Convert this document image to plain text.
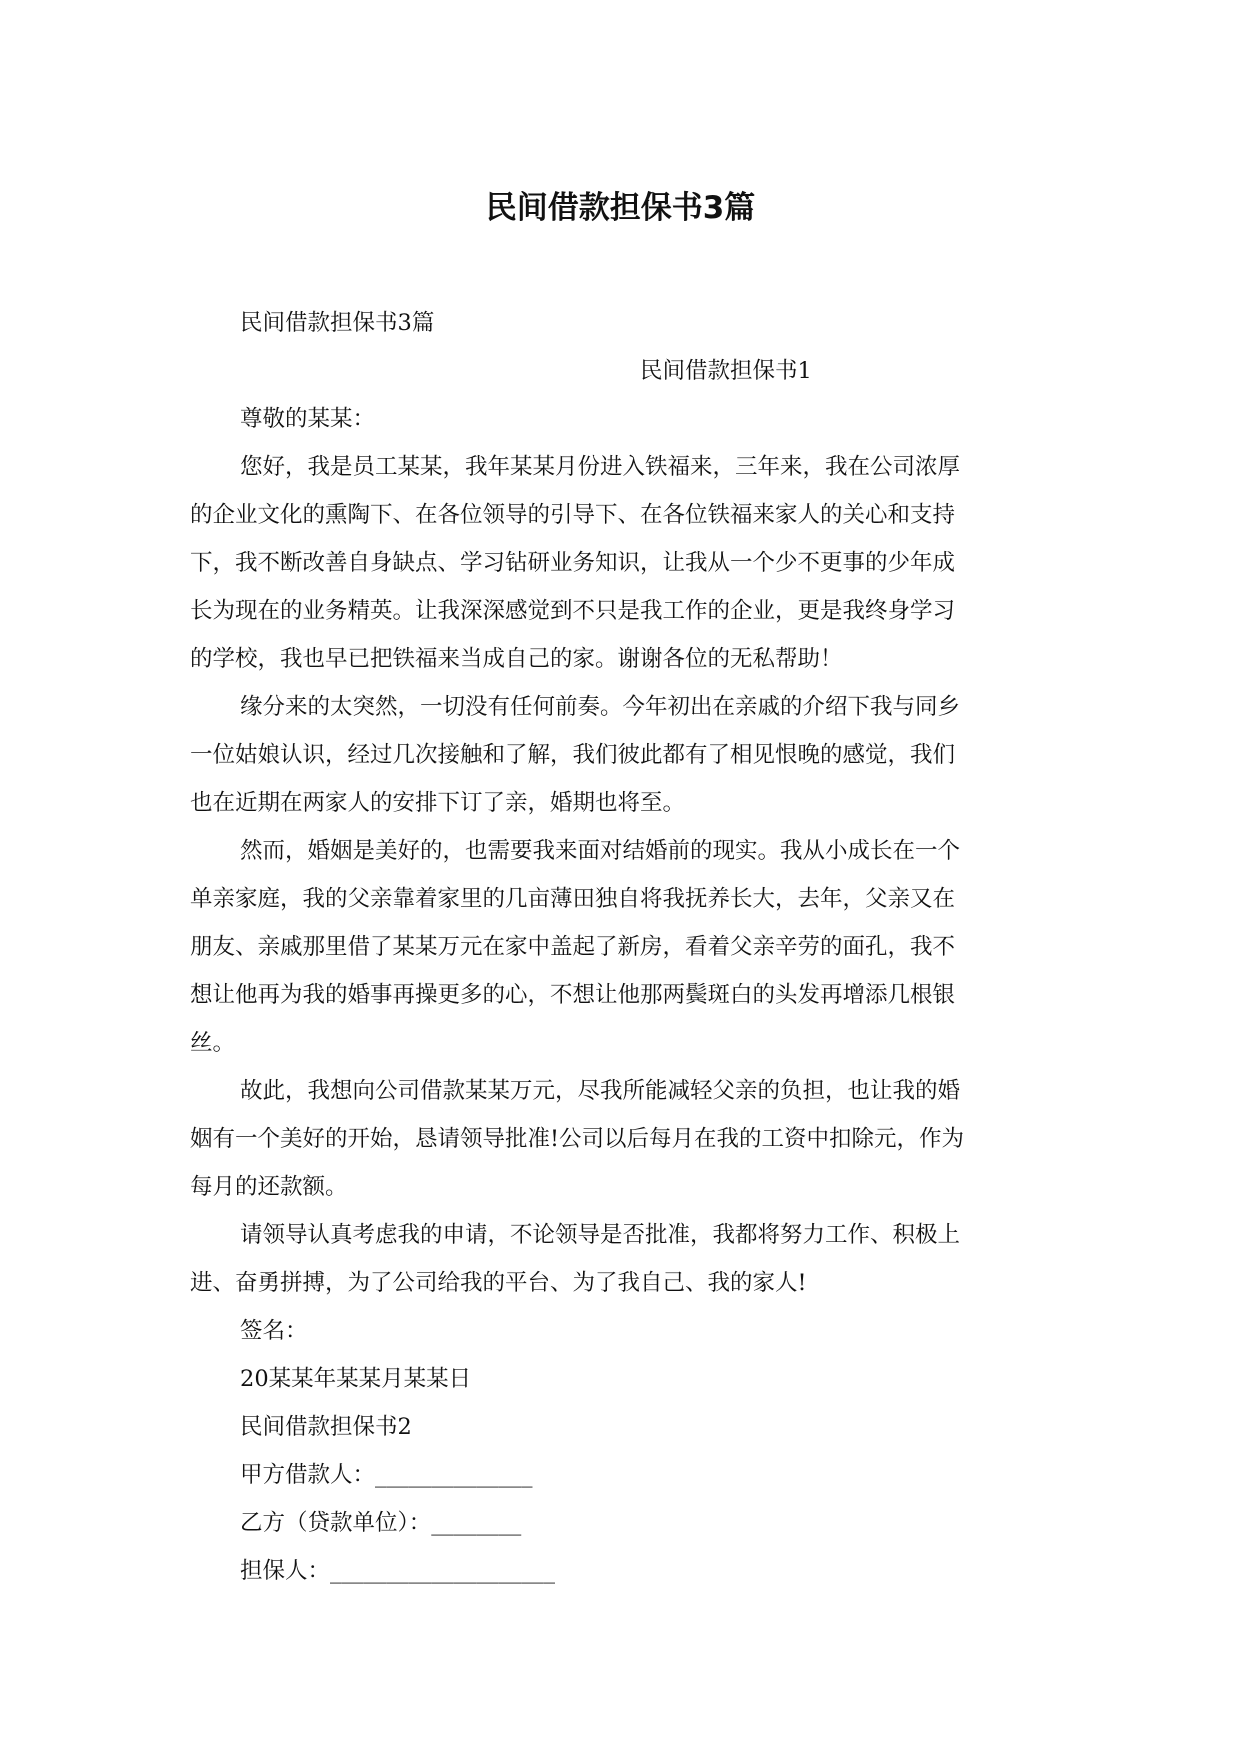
民间借款担保书3篇

民间借款担保书3篇

民间借款担保书1

尊敬的某某：

您好，我是员工某某，我年某某月份进入铁福来，三年来，我在公司浓厚

的企业文化的熏陶下、在各位领导的引导下、在各位铁福来家人的关心和支持

下，我不断改善自身缺点、学习钻研业务知识，让我从一个少不更事的少年成

长为现在的业务精英。让我深深感觉到不只是我工作的企业，更是我终身学习

的学校，我也早已把铁福来当成自己的家。谢谢各位的无私帮助！

缘分来的太突然，一切没有任何前奏。今年初出在亲戚的介绍下我与同乡

一位姑娘认识，经过几次接触和了解，我们彼此都有了相见恨晚的感觉，我们

也在近期在两家人的安排下订了亲，婚期也将至。

然而，婚姻是美好的，也需要我来面对结婚前的现实。我从小成长在一个

单亲家庭，我的父亲靠着家里的几亩薄田独自将我抚养长大，去年，父亲又在

朋友、亲戚那里借了某某万元在家中盖起了新房，看着父亲辛劳的面孔，我不

想让他再为我的婚事再操更多的心，不想让他那两鬓斑白的头发再增添几根银

丝。

故此，我想向公司借款某某万元，尽我所能减轻父亲的负担，也让我的婚

姻有一个美好的开始，恳请领导批准!公司以后每月在我的工资中扣除元，作为

每月的还款额。

请领导认真考虑我的申请，不论领导是否批准，我都将努力工作、积极上

进、奋勇拼搏，为了公司给我的平台、为了我自己、我的家人!

签名：

20某某年某某月某某日

民间借款担保书2

甲方借款人：______________

乙方（贷款单位）：________

担保人：____________________
